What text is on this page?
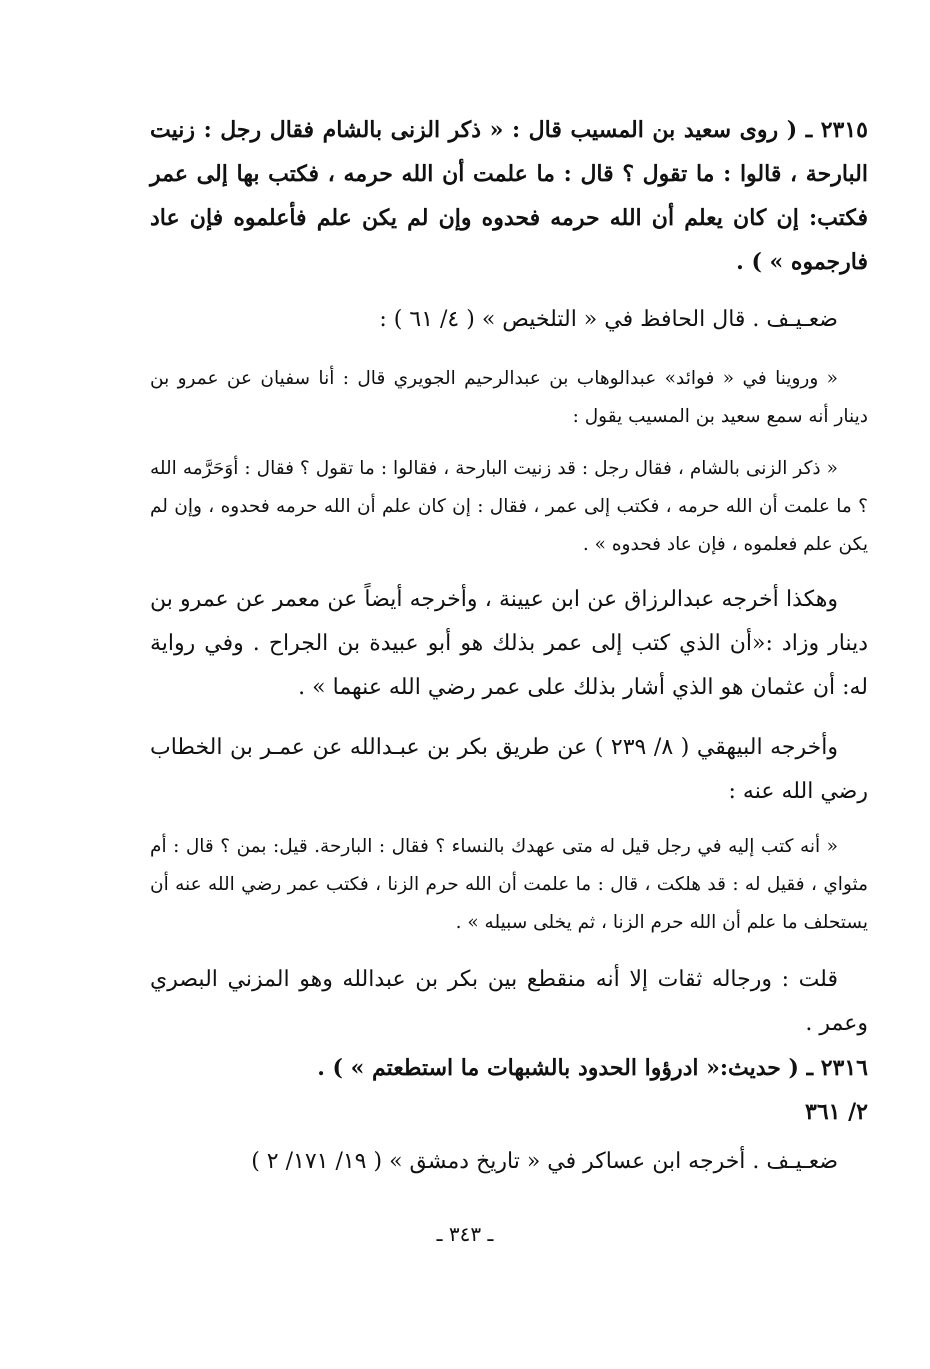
٢٣١٥ ـ ( روى سعيد بن المسيب قال : « ذكر الزنى بالشام فقال رجل : زنيت البارحة ، قالوا : ما تقول ؟ قال : ما علمت أن الله حرمه ، فكتب بها إلى عمر فكتب: إن كان يعلم أن الله حرمه فحدوه وإن لم يكن علم فأعلموه فإن عاد فارجموه » ) .

ضعـيـف . قال الحافظ في « التلخيص » ( ٤/ ٦١ ) :

« وروينا في « فوائد» عبدالوهاب بن عبدالرحيم الجويري قال : أنا سفيان عن عمرو بن دينار أنه سمع سعيد بن المسيب يقول :

« ذكر الزنى بالشام ، فقال رجل : قد زنيت البارحة ، فقالوا : ما تقول ؟ فقال : أوَحَرَّمه الله ؟ ما علمت أن الله حرمه ، فكتب إلى عمر ، فقال : إن كان علم أن الله حرمه فحدوه ، وإن لم يكن علم فعلموه ، فإن عاد فحدوه » .

وهكذا أخرجه عبدالرزاق عن ابن عيينة ، وأخرجه أيضاً عن معمر عن عمرو بن دينار وزاد :«أن الذي كتب إلى عمر بذلك هو أبو عبيدة بن الجراح . وفي رواية له: أن عثمان هو الذي أشار بذلك على عمر رضي الله عنهما » .

وأخرجه البيهقي ( ٨/ ٢٣٩ ) عن طريق بكر بن عبـدالله عن عمـر بن الخطاب رضي الله عنه :

« أنه كتب إليه في رجل قيل له متى عهدك بالنساء ؟ فقال : البارحة. قيل: بمن ؟ قال : أم مثواي ، فقيل له : قد هلكت ، قال : ما علمت أن الله حرم الزنا ، فكتب عمر رضي الله عنه أن يستحلف ما علم أن الله حرم الزنا ، ثم يخلى سبيله » .

قلت : ورجاله ثقات إلا أنه منقطع بين بكر بن عبدالله وهو المزني البصري وعمر .

٢٣١٦ ـ ( حديث:« ادرؤوا الحدود بالشبهات ما استطعتم » ) .

٢/ ٣٦١

ضعـيـف . أخرجه ابن عساكر في « تاريخ دمشق » ( ١٩/ ١٧١/ ٢ )

ـ ٣٤٣ ـ
